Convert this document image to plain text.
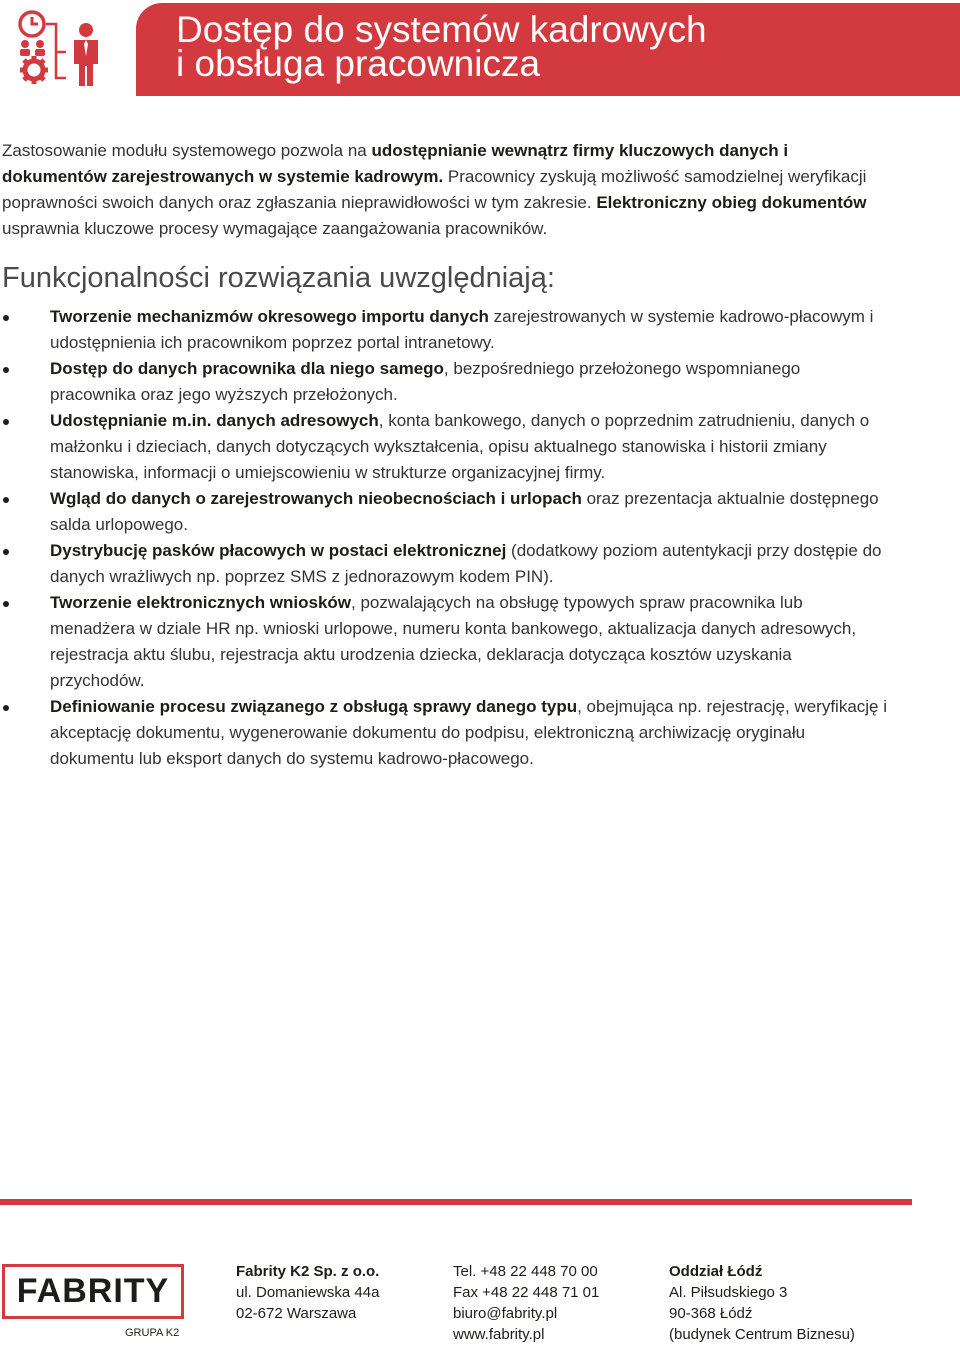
Dostęp do systemów kadrowych
i obsługa pracownicza

Zastosowanie modułu systemowego pozwola na udostępnianie wewnątrz firmy kluczowych danych i dokumentów zarejestrowanych w systemie kadrowym. Pracownicy zyskują możliwość samodzielnej weryfikacji poprawności swoich danych oraz zgłaszania nieprawidłowości w tym zakresie. Elektroniczny obieg dokumentów usprawnia kluczowe procesy wymagające zaangażowania pracowników.

Funkcjonalności rozwiązania uwzględniają:
Tworzenie mechanizmów okresowego importu danych zarejestrowanych w systemie kadrowo-płacowym i udostępnienia ich pracownikom poprzez portal intranetowy.
Dostęp do danych pracownika dla niego samego, bezpośredniego przełożonego wspomnianego pracownika oraz jego wyższych przełożonych.
Udostępnianie m.in. danych adresowych, konta bankowego, danych o poprzednim zatrudnieniu, danych o małżonku i dzieciach, danych dotyczących wykształcenia, opisu aktualnego stanowiska i historii zmiany stanowiska, informacji o umiejscowieniu w strukturze organizacyjnej firmy.
Wgląd do danych o zarejestrowanych nieobecnościach i urlopach oraz prezentacja aktualnie dostępnego salda urlopowego.
Dystrybucję pasków płacowych w postaci elektronicznej (dodatkowy poziom autentykacji przy dostępie do danych wrażliwych np. poprzez SMS z jednorazowym kodem PIN).
Tworzenie elektronicznych wniosków, pozwalających na obsługę typowych spraw pracownika lub menadżera w dziale HR np. wnioski urlopowe, numeru konta bankowego, aktualizacja danych adresowych, rejestracja aktu ślubu, rejestracja aktu urodzenia dziecka, deklaracja dotycząca kosztów uzyskania przychodów.
Definiowanie procesu związanego z obsługą sprawy danego typu, obejmująca np. rejestrację, weryfikację i akceptację dokumentu, wygenerowanie dokumentu do podpisu, elektroniczną archiwizację oryginału dokumentu lub eksport danych do systemu kadrowo-płacowego.
FABRITY
GRUPA K2
Fabrity K2 Sp. z o.o.
ul. Domaniewska 44a
02-672 Warszawa
Tel. +48 22 448 70 00
Fax +48 22 448 71 01
biuro@fabrity.pl
www.fabrity.pl
Oddział Łódź
Al. Piłsudskiego 3
90-368 Łódź
(budynek Centrum Biznesu)
